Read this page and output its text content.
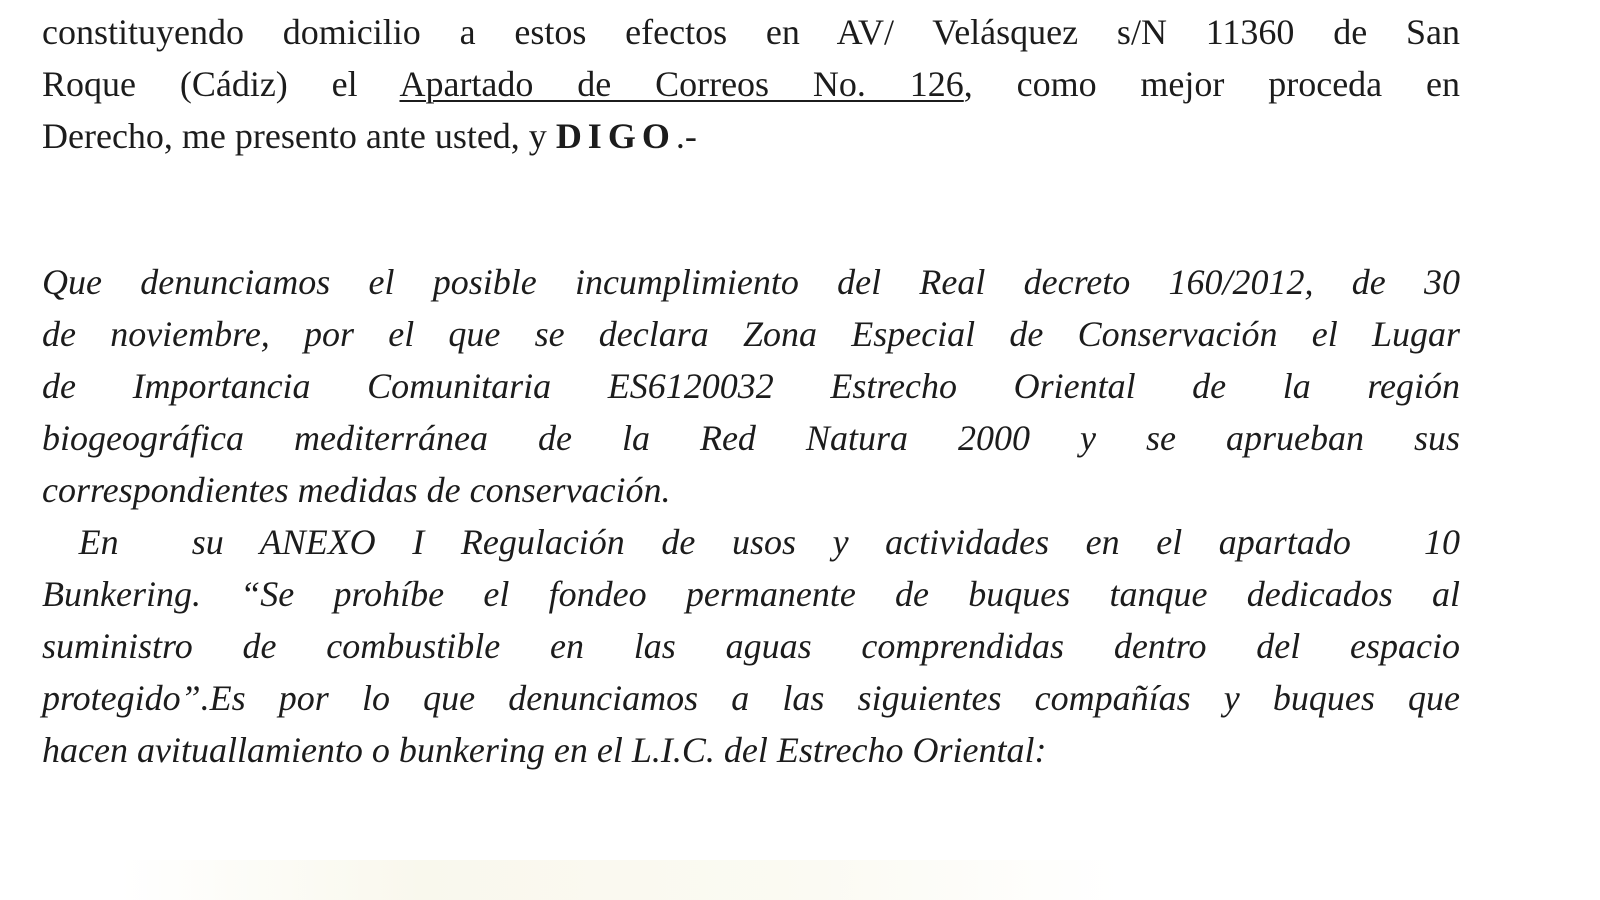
constituyendo domicilio a estos efectos en AV/ Velásquez s/N 11360 de San
Roque (Cádiz) el Apartado de Correos No. 126, como mejor proceda en
Derecho, me presento ante usted, y DIGO.-
Que denunciamos el posible incumplimiento del Real decreto 160/2012, de 30
de noviembre, por el que se declara Zona Especial de Conservación el Lugar
de Importancia Comunitaria ES6120032 Estrecho Oriental de la región
biogeográfica mediterránea de la Red Natura 2000 y se aprueban sus
correspondientes medidas de conservación.
En  su ANEXO I Regulación de usos y actividades en el apartado  10
Bunkering. “Se prohíbe el fondeo permanente de buques tanque dedicados al
suministro de combustible en las aguas comprendidas dentro del espacio
protegido”.Es por lo que denunciamos a las siguientes compañías y buques que
hacen avituallamiento o bunkering en el L.I.C. del Estrecho Oriental:
